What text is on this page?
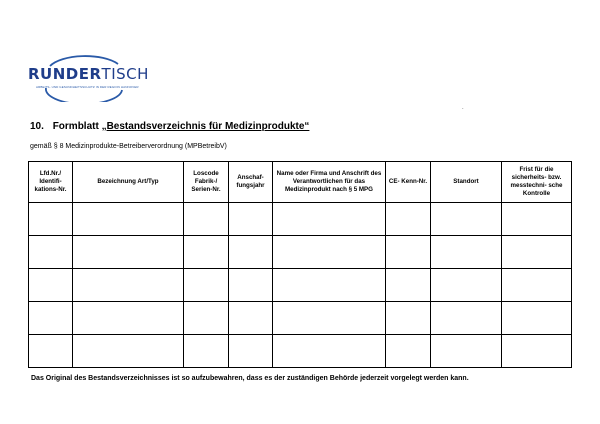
RUNDERTISCH
ARBEITS- UND GESUNDHEITSSCHUTZ IN DER REGION HANNOVER
.
10. Formblatt „Bestandsverzeichnis für Medizinprodukte“
gemäß § 8 Medizinprodukte-Betreiberverordnung (MPBetreibV)
Lfd.Nr./ Identifi- kations-Nr.	Bezeichnung Art/Typ	Loscode Fabrik-/ Serien-Nr.	Anschaf- fungsjahr	Name oder Firma und Anschrift des Verantwortlichen für das Medizinprodukt nach § 5 MPG	CE- Kenn-Nr.	Standort	Frist für die sicherheits- bzw. messtechni- sche Kontrolle

Das Original des Bestandsverzeichnisses ist so aufzubewahren, dass es der zuständigen Behörde jederzeit vorgelegt werden kann.
